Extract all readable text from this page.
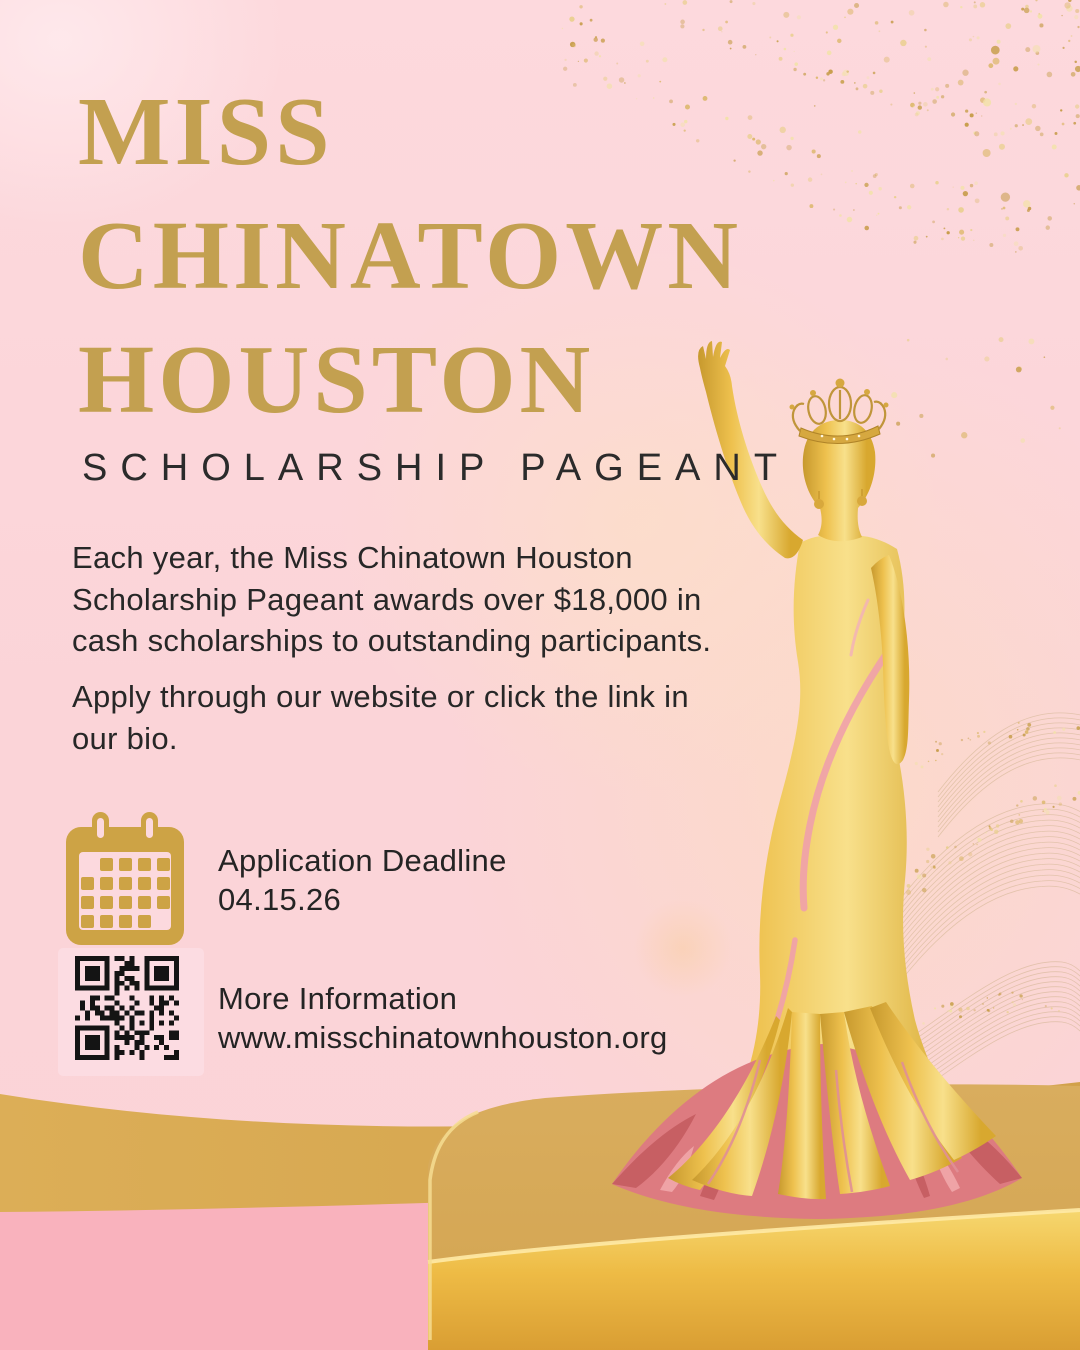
MISS
CHINATOWN
HOUSTON
SCHOLARSHIP PAGEANT
Each year, the Miss Chinatown Houston
Scholarship Pageant awards over $18,000 in
cash scholarships to outstanding participants.
Apply through our website or click the link in
our bio.
Application Deadline
04.15.26
More Information
www.misschinatownhouston.org
